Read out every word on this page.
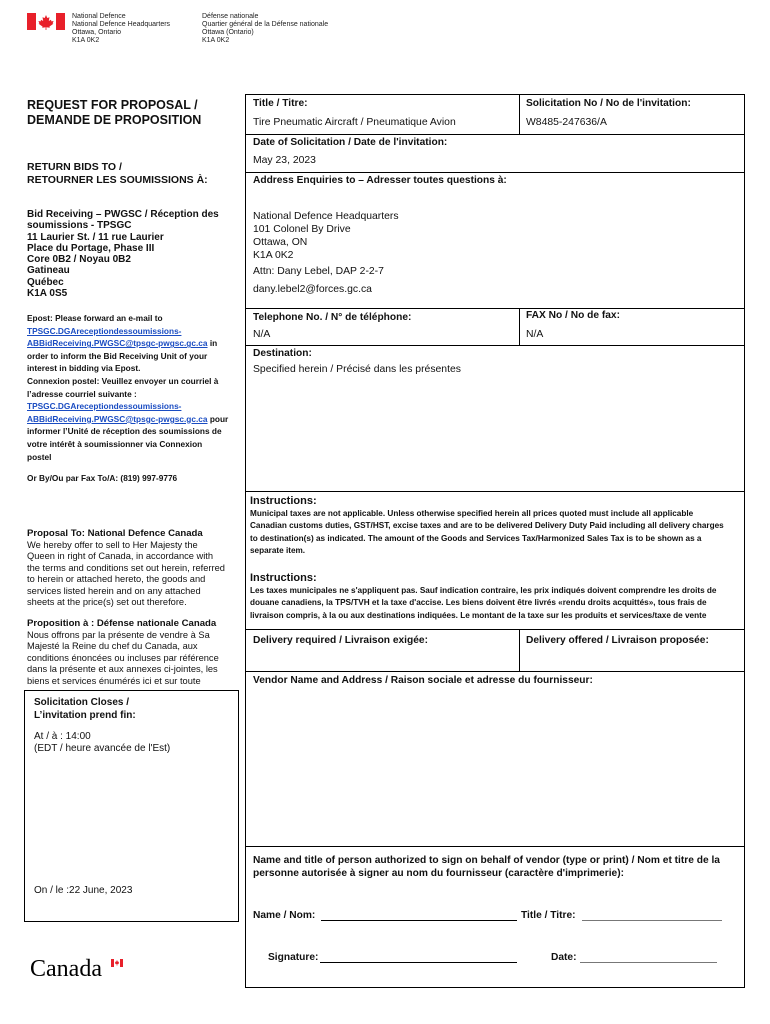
National Defence
National Defence Headquarters
Ottawa, Ontario
K1A 0K2
Défense nationale
Quartier général de la Défense nationale
Ottawa (Ontario)
K1A 0K2
REQUEST FOR PROPOSAL /
DEMANDE DE PROPOSITION
RETURN BIDS TO /
RETOURNER LES SOUMISSIONS À:
Bid Receiving – PWGSC / Réception des
soumissions - TPSGC
11 Laurier St. / 11 rue Laurier
Place du Portage, Phase III
Core 0B2 / Noyau 0B2
Gatineau
Québec
K1A 0S5
Epost: Please forward an e-mail to
TPSGC.DGAreceptiondessoumissions-
ABBidReceiving.PWGSC@tpsgc-pwgsc.gc.ca in
order to inform the Bid Receiving Unit of your
interest in bidding via Epost.
Connexion postel: Veuillez envoyer un courriel à
l’adresse courriel suivante :
TPSGC.DGAreceptiondessoumissions-
ABBidReceiving.PWGSC@tpsgc-pwgsc.gc.ca pour
informer l’Unité de réception des soumissions de
votre intérêt à soumissionner via Connexion
postel
Or By/Ou par Fax To/A: (819) 997-9776
Proposal To: National Defence Canada
We hereby offer to sell to Her Majesty the
Queen in right of Canada, in accordance with
the terms and conditions set out herein, referred
to herein or attached hereto, the goods and
services listed herein and on any attached
sheets at the price(s) set out therefore.
Proposition à : Défense nationale Canada
Nous offrons par la présente de vendre à Sa
Majesté la Reine du chef du Canada, aux
conditions énoncées ou incluses par référence
dans la présente et aux annexes ci-jointes, les
biens et services énumérés ici et sur toute
Solicitation Closes /
L’invitation prend fin:
At / à : 14:00
(EDT / heure avancée de l'Est)
On / le :22 June, 2023
Canada
Title / Titre:
Tire Pneumatic Aircraft / Pneumatique Avion
Solicitation No / No de l'invitation:
W8485-247636/A
Date of Solicitation / Date de l'invitation:
May 23, 2023
Address Enquiries to – Adresser toutes questions à:
National Defence Headquarters
101 Colonel By Drive
Ottawa, ON
K1A 0K2
Attn: Dany Lebel, DAP 2-2-7
dany.lebel2@forces.gc.ca
Telephone No. / N° de téléphone:
N/A
FAX No / No de fax:
N/A
Destination:
Specified herein / Précisé dans les présentes
Instructions:
Municipal taxes are not applicable. Unless otherwise specified herein all prices quoted must include all applicable
Canadian customs duties, GST/HST, excise taxes and are to be delivered Delivery Duty Paid including all delivery charges
to destination(s) as indicated. The amount of the Goods and Services Tax/Harmonized Sales Tax is to be shown as a
separate item.
Instructions:
Les taxes municipales ne s'appliquent pas. Sauf indication contraire, les prix indiqués doivent comprendre les droits de
douane canadiens, la TPS/TVH et la taxe d'accise. Les biens doivent être livrés «rendu droits acquittés», tous frais de
livraison compris, à la ou aux destinations indiquées. Le montant de la taxe sur les produits et services/taxe de vente
Delivery required / Livraison exigée:	Delivery offered / Livraison proposée:
Vendor Name and Address / Raison sociale et adresse du fournisseur:
Name and title of person authorized to sign on behalf of vendor (type or print) / Nom et titre de la
personne autorisée à signer au nom du fournisseur (caractère d'imprimerie):
Name / Nom:	Title / Titre:
Signature:	Date:
